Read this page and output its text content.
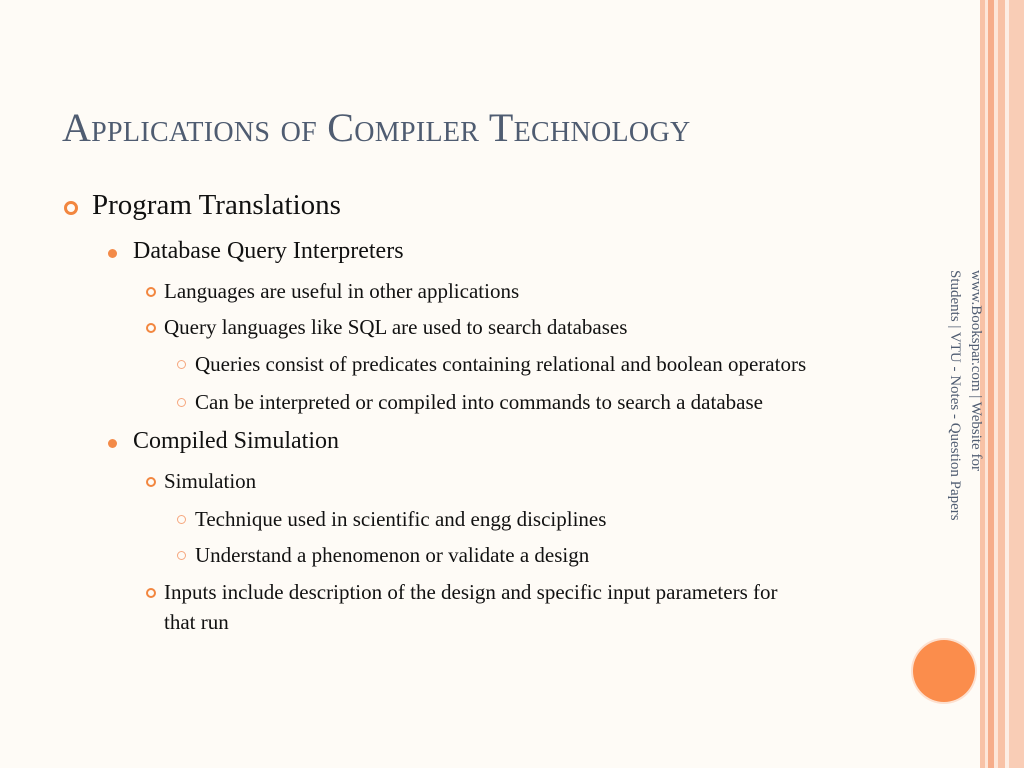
Applications of Compiler Technology
www.Bookspar.com | Website for
Students | VTU - Notes - Question Papers
Program Translations
Database Query Interpreters
Languages are useful in other applications
Query languages like SQL are used to search databases
Queries consist of predicates containing relational and boolean operators
Can be interpreted or compiled into commands to search a database
Compiled Simulation
Simulation
Technique used in scientific and engg disciplines
Understand a phenomenon or validate a design
Inputs include description of the design and specific input parameters for
that run
